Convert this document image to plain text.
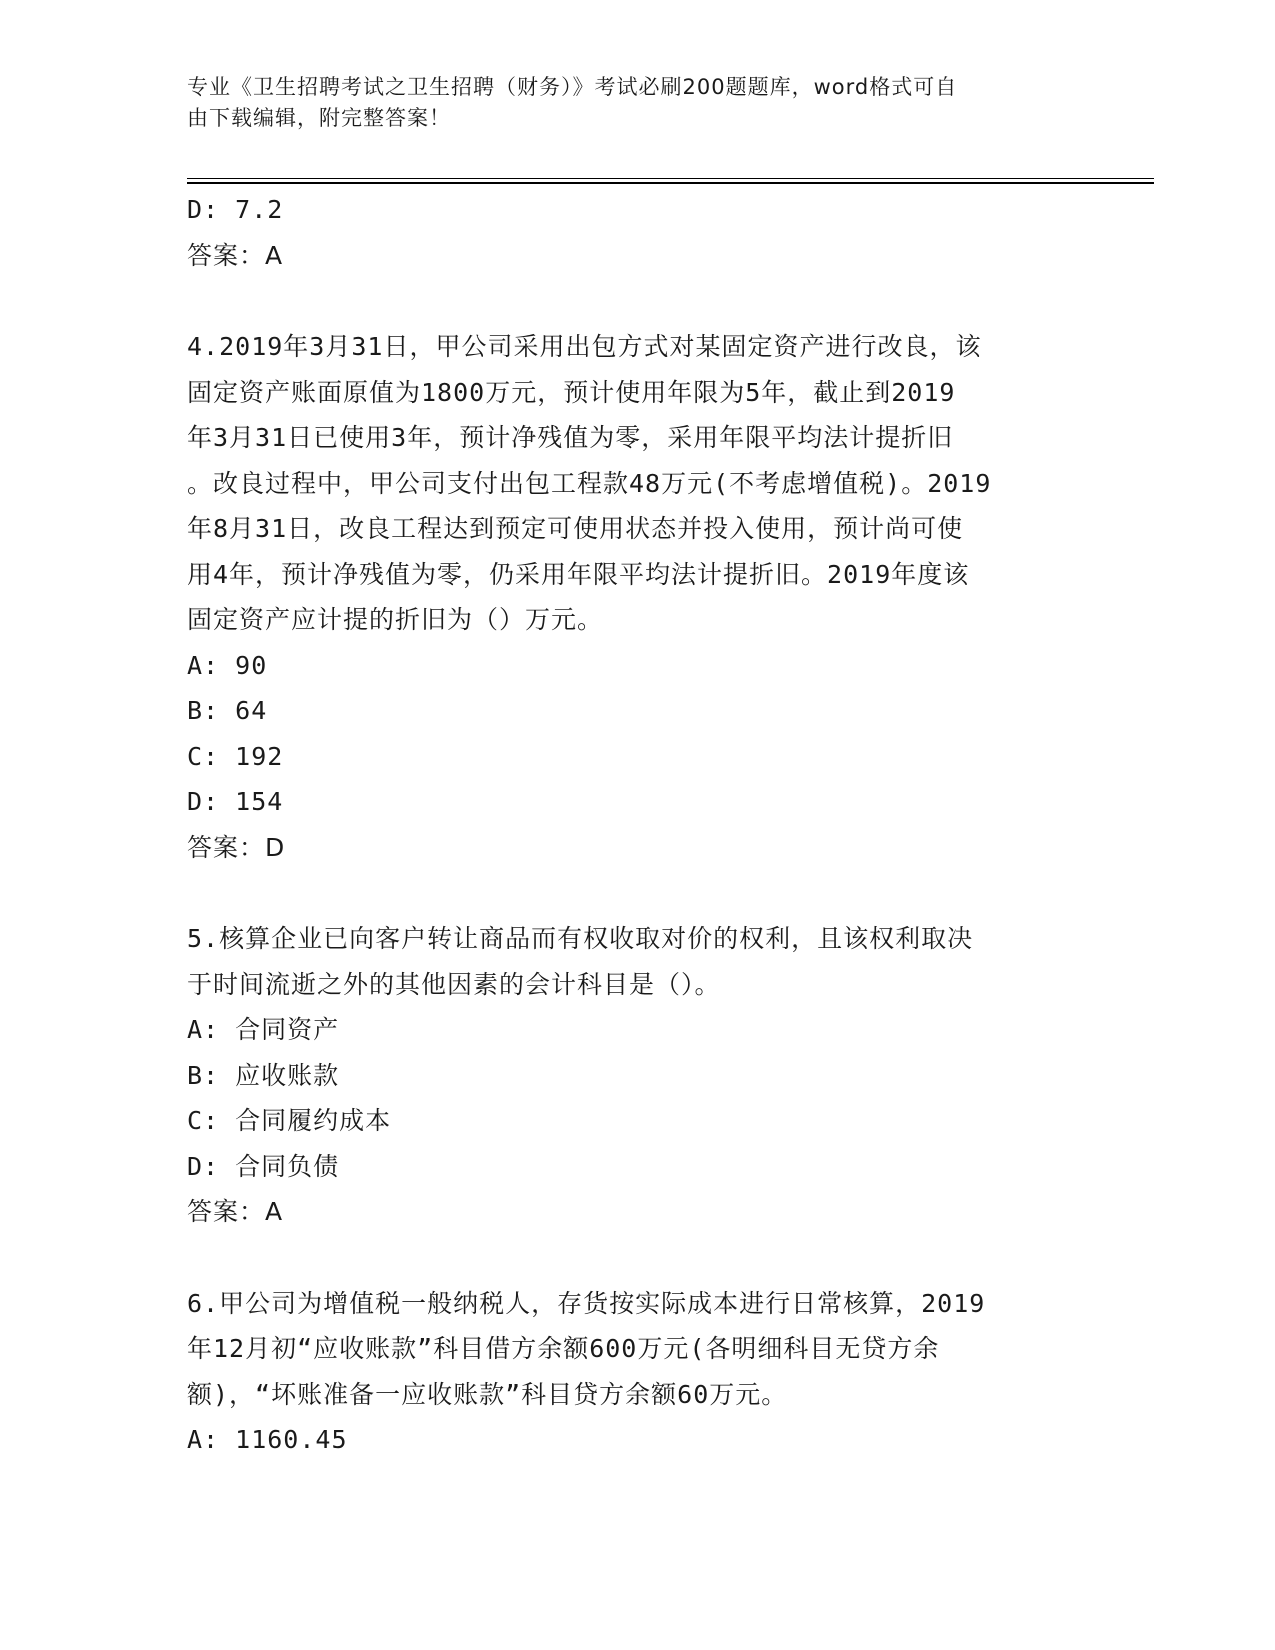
专业《卫生招聘考试之卫生招聘（财务）》考试必刷200题题库，word格式可自
由下载编辑，附完整答案！
D: 7.2
答案：A
4.2019年3月31日，甲公司采用出包方式对某固定资产进行改良，该
固定资产账面原值为1800万元，预计使用年限为5年，截止到2019
年3月31日已使用3年，预计净残值为零，采用年限平均法计提折旧
。改良过程中，甲公司支付出包工程款48万元(不考虑增值税)。2019
年8月31日，改良工程达到预定可使用状态并投入使用，预计尚可使
用4年，预计净残值为零，仍采用年限平均法计提折旧。2019年度该
固定资产应计提的折旧为（）万元。
A: 90
B: 64
C: 192
D: 154
答案：D
5.核算企业已向客户转让商品而有权收取对价的权利，且该权利取决
于时间流逝之外的其他因素的会计科目是（）。
A: 合同资产
B: 应收账款
C: 合同履约成本
D: 合同负债
答案：A
6.甲公司为增值税一般纳税人，存货按实际成本进行日常核算，2019
年12月初“应收账款”科目借方余额600万元(各明细科目无贷方余
额)，“坏账准备一应收账款”科目贷方余额60万元。
A: 1160.45
